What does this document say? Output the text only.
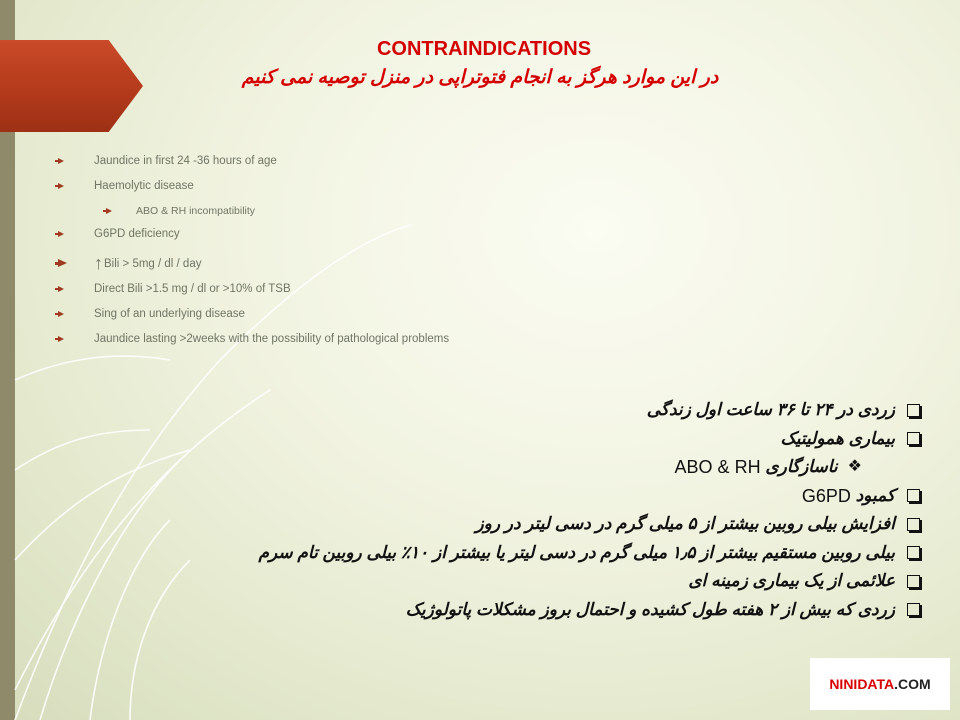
CONTRAINDICATIONS
در این موارد هرگز به انجام فتوتراپی در منزل توصیه نمی کنیم
Jaundice in first 24 -36 hours of age
Haemolytic disease
ABO & RH incompatibility
G6PD deficiency
↑Bili > 5mg / dl / day
Direct Bili >1.5 mg / dl or >10% of TSB
Sing of an underlying disease
Jaundice lasting >2weeks with the possibility of pathological problems
زردی در ۲۴ تا ۳۶ ساعت اول زندگی
بیماری همولیتیک
❖
ناسازگاری

ABO & RH
کمبود

G6PD
افزایش بیلی روبین بیشتر از ۵ میلی گرم در دسی لیتر در روز
بیلی روبین مستقیم بیشتر از ۱٫۵ میلی گرم در دسی لیتر یا بیشتر از ۱۰٪ بیلی روبین تام سرم
علائمی از یک بیماری زمینه ای
زردی که بیش از ۲ هفته طول کشیده و احتمال بروز مشکلات پاتولوژیک
NINIDATA .COM
